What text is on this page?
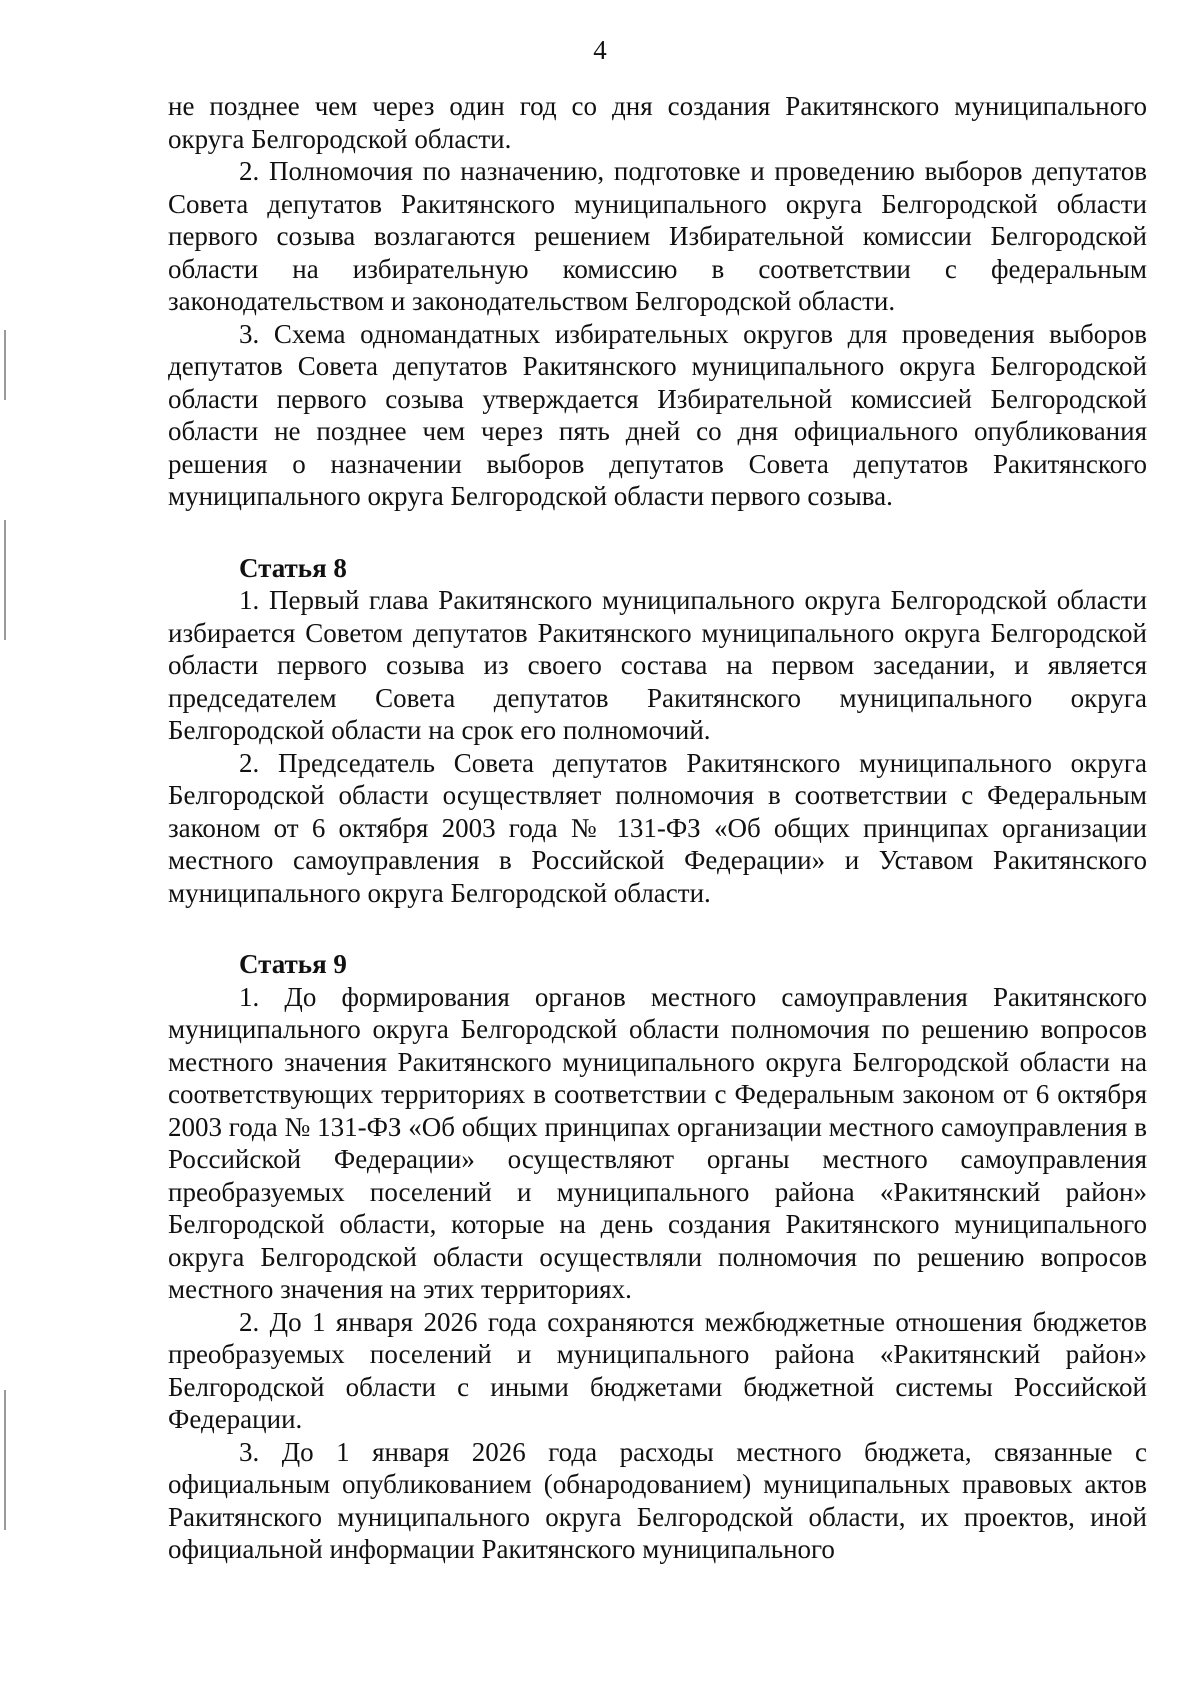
4

не позднее чем через один год со дня создания Ракитянского муниципального округа Белгородской области.

2. Полномочия по назначению, подготовке и проведению выборов депутатов Совета депутатов Ракитянского муниципального округа Белгородской области первого созыва возлагаются решением Избирательной комиссии Белгородской области на избирательную комиссию в соответствии с федеральным законодательством и законодательством Белгородской области.

3. Схема одномандатных избирательных округов для проведения выборов депутатов Совета депутатов Ракитянского муниципального округа Белгородской области первого созыва утверждается Избирательной комиссией Белгородской области не позднее чем через пять дней со дня официального опубликования решения о назначении выборов депутатов Совета депутатов Ракитянского муниципального округа Белгородской области первого созыва.

Статья 8

1. Первый глава Ракитянского муниципального округа Белгородской области избирается Советом депутатов Ракитянского муниципального округа Белгородской области первого созыва из своего состава на первом заседании, и является председателем Совета депутатов Ракитянского муниципального округа Белгородской области на срок его полномочий.

2. Председатель Совета депутатов Ракитянского муниципального округа Белгородской области осуществляет полномочия в соответствии с Федеральным законом от 6 октября 2003 года № 131-ФЗ «Об общих принципах организации местного самоуправления в Российской Федерации» и Уставом Ракитянского муниципального округа Белгородской области.

Статья 9

1. До формирования органов местного самоуправления Ракитянского муниципального округа Белгородской области полномочия по решению вопросов местного значения Ракитянского муниципального округа Белгородской области на соответствующих территориях в соответствии с Федеральным законом от 6 октября 2003 года № 131-ФЗ «Об общих принципах организации местного самоуправления в Российской Федерации» осуществляют органы местного самоуправления преобразуемых поселений и муниципального района «Ракитянский район» Белгородской области, которые на день создания Ракитянского муниципального округа Белгородской области осуществляли полномочия по решению вопросов местного значения на этих территориях.

2. До 1 января 2026 года сохраняются межбюджетные отношения бюджетов преобразуемых поселений и муниципального района «Ракитянский район» Белгородской области с иными бюджетами бюджетной системы Российской Федерации.

3. До 1 января 2026 года расходы местного бюджета, связанные с официальным опубликованием (обнародованием) муниципальных правовых актов Ракитянского муниципального округа Белгородской области, их проектов, иной официальной информации Ракитянского муниципального
